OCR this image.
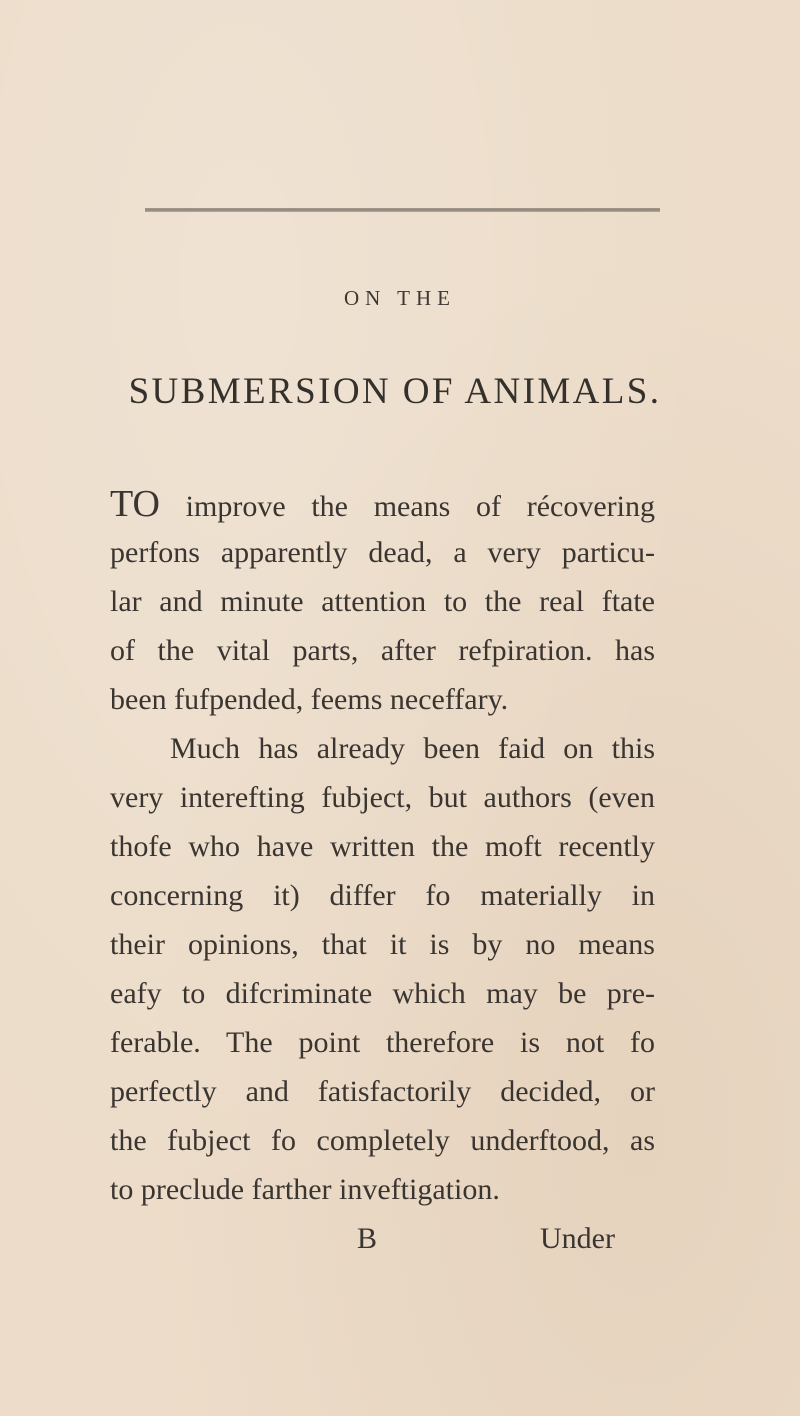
ON THE
SUBMERSION OF ANIMALS.
TO improve the means of récovering
perfons apparently dead, a very particu-
lar and minute attention to the real ftate
of the vital parts, after refpiration. has
been fufpended, feems neceffary.
Much has already been faid on this
very interefting fubject, but authors (even
thofe who have written the moft recently
concerning it) differ fo materially in
their opinions, that it is by no means
eafy to difcriminate which may be pre-
ferable. The point therefore is not fo
perfectly and fatisfactorily decided, or
the fubject fo completely underftood, as
to preclude farther inveftigation.
B	Under
